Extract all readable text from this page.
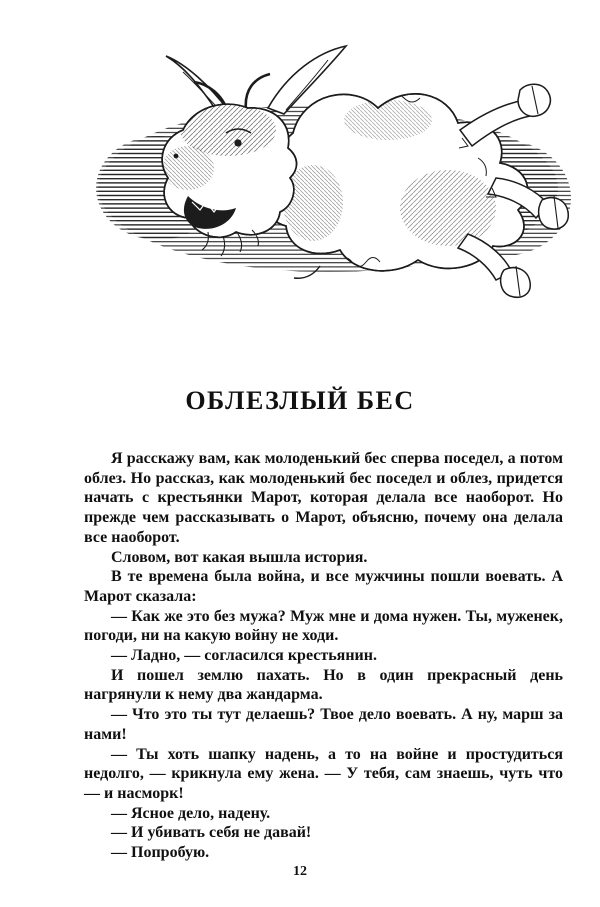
ОБЛЕЗЛЫЙ БЕС

Я расскажу вам, как молоденький бес сперва поседел, а потом облез. Но рассказ, как молоденький бес поседел и облез, придется начать с крестьянки Марот, которая делала все наоборот. Но прежде чем рассказывать о Марот, объясню, почему она делала все наоборот.

Словом, вот какая вышла история.

В те времена была война, и все мужчины пошли воевать. А Марот сказала:

— Как же это без мужа? Муж мне и дома нужен. Ты, муженек, погоди, ни на какую войну не ходи.

— Ладно, — согласился крестьянин.

И пошел землю пахать. Но в один прекрасный день нагрянули к нему два жандарма.

— Что это ты тут делаешь? Твое дело воевать. А ну, марш за нами!

— Ты хоть шапку надень, а то на войне и простудиться недолго, — крикнула ему жена. — У тебя, сам знаешь, чуть что — и насморк!

— Ясное дело, надену.

— И убивать себя не давай!

— Попробую.

12
